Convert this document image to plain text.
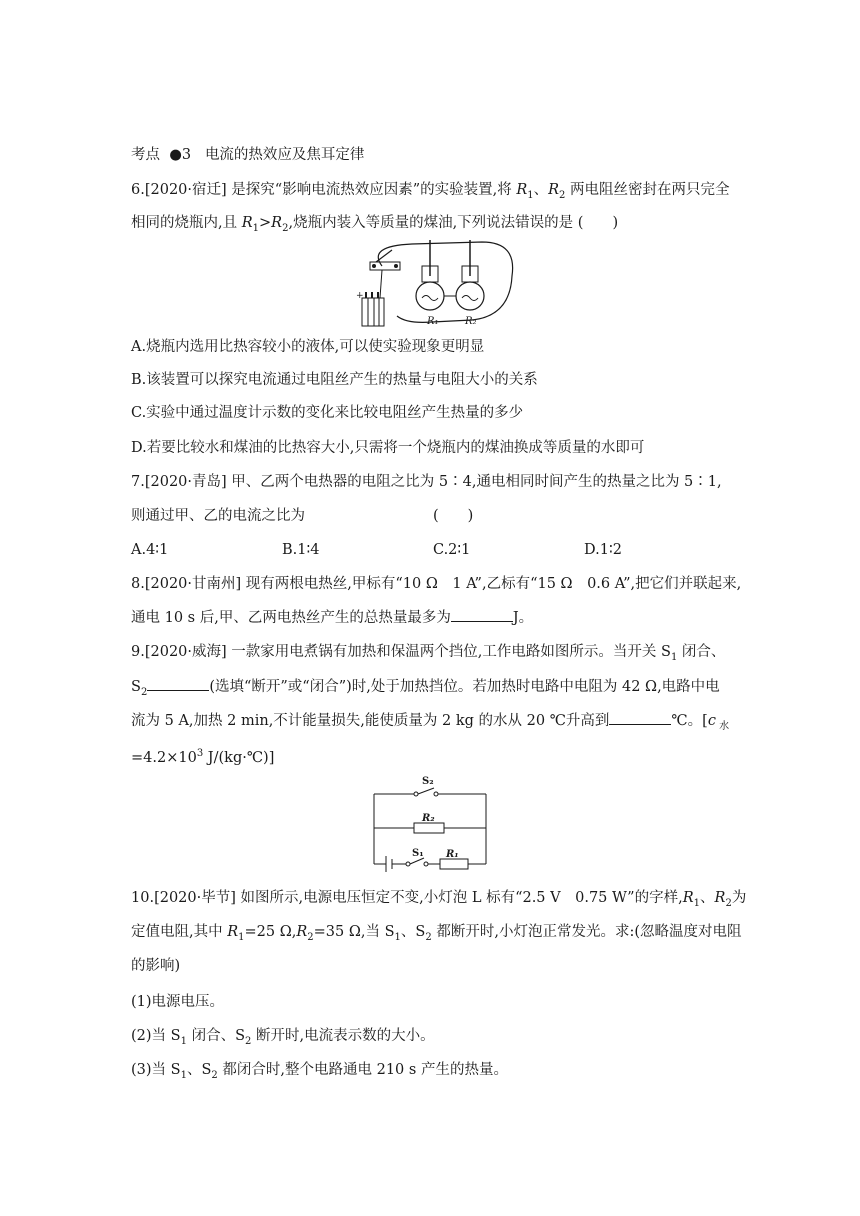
考点 ●3 电流的热效应及焦耳定律
6.[2020·宿迁] 是探究“影响电流热效应因素”的实验装置,将 $R_1$、$R_2$ 两电阻丝密封在两只完全
相同的烧瓶内,且 $R_1>R_2$,烧瓶内装入等质量的煤油,下列说法错误的是 (　　)
+
R₁	R₂
A.烧瓶内选用比热容较小的液体,可以使实验现象更明显
B.该装置可以探究电流通过电阻丝产生的热量与电阻大小的关系
C.实验中通过温度计示数的变化来比较电阻丝产生热量的多少
D.若要比较水和煤油的比热容大小,只需将一个烧瓶内的煤油换成等质量的水即可
7.[2020·青岛] 甲、乙两个电热器的电阻之比为 5∶4,通电相同时间产生的热量之比为 5∶1,
则通过甲、乙的电流之比为	(　　)
A.4∶1	B.1∶4	C.2∶1	D.1∶2
8.[2020·甘南州] 现有两根电热丝,甲标有“10 Ω　1 A”,乙标有“15 Ω　0.6 A”,把它们并联起来,
通电 10 s 后,甲、乙两电热丝产生的总热量最多为	J。
9.[2020·威海] 一款家用电煮锅有加热和保温两个挡位,工作电路如图所示。当开关 $S_1$ 闭合、
$S_2$	(选填“断开”或“闭合”)时,处于加热挡位。若加热时电路中电阻为 42 Ω,电路中电
流为 5 A,加热 2 min,不计能量损失,能使质量为 2 kg 的水从 20 ℃升高到	℃。[c $_水$
$=4.2\times 10^3$ J/(kg·℃)]
S₂
R₂
S₁ R₁
10.[2020·毕节] 如图所示,电源电压恒定不变,小灯泡 L 标有“2.5 V　0.75 W”的字样$,R_1$、$R_2$为
定值电阻,其中 $R_1=25$ $\Omega,R_2=35$ Ω,当 $S_1$、$S_2$ 都断开时,小灯泡正常发光。求:(忽略温度对电阻
的影响)
(1)电源电压。
(2)当 $S_1$ 闭合、$S_2$ 断开时,电流表示数的大小。
(3)当 $S_1$、$S_2$ 都闭合时,整个电路通电 210 s 产生的热量。
